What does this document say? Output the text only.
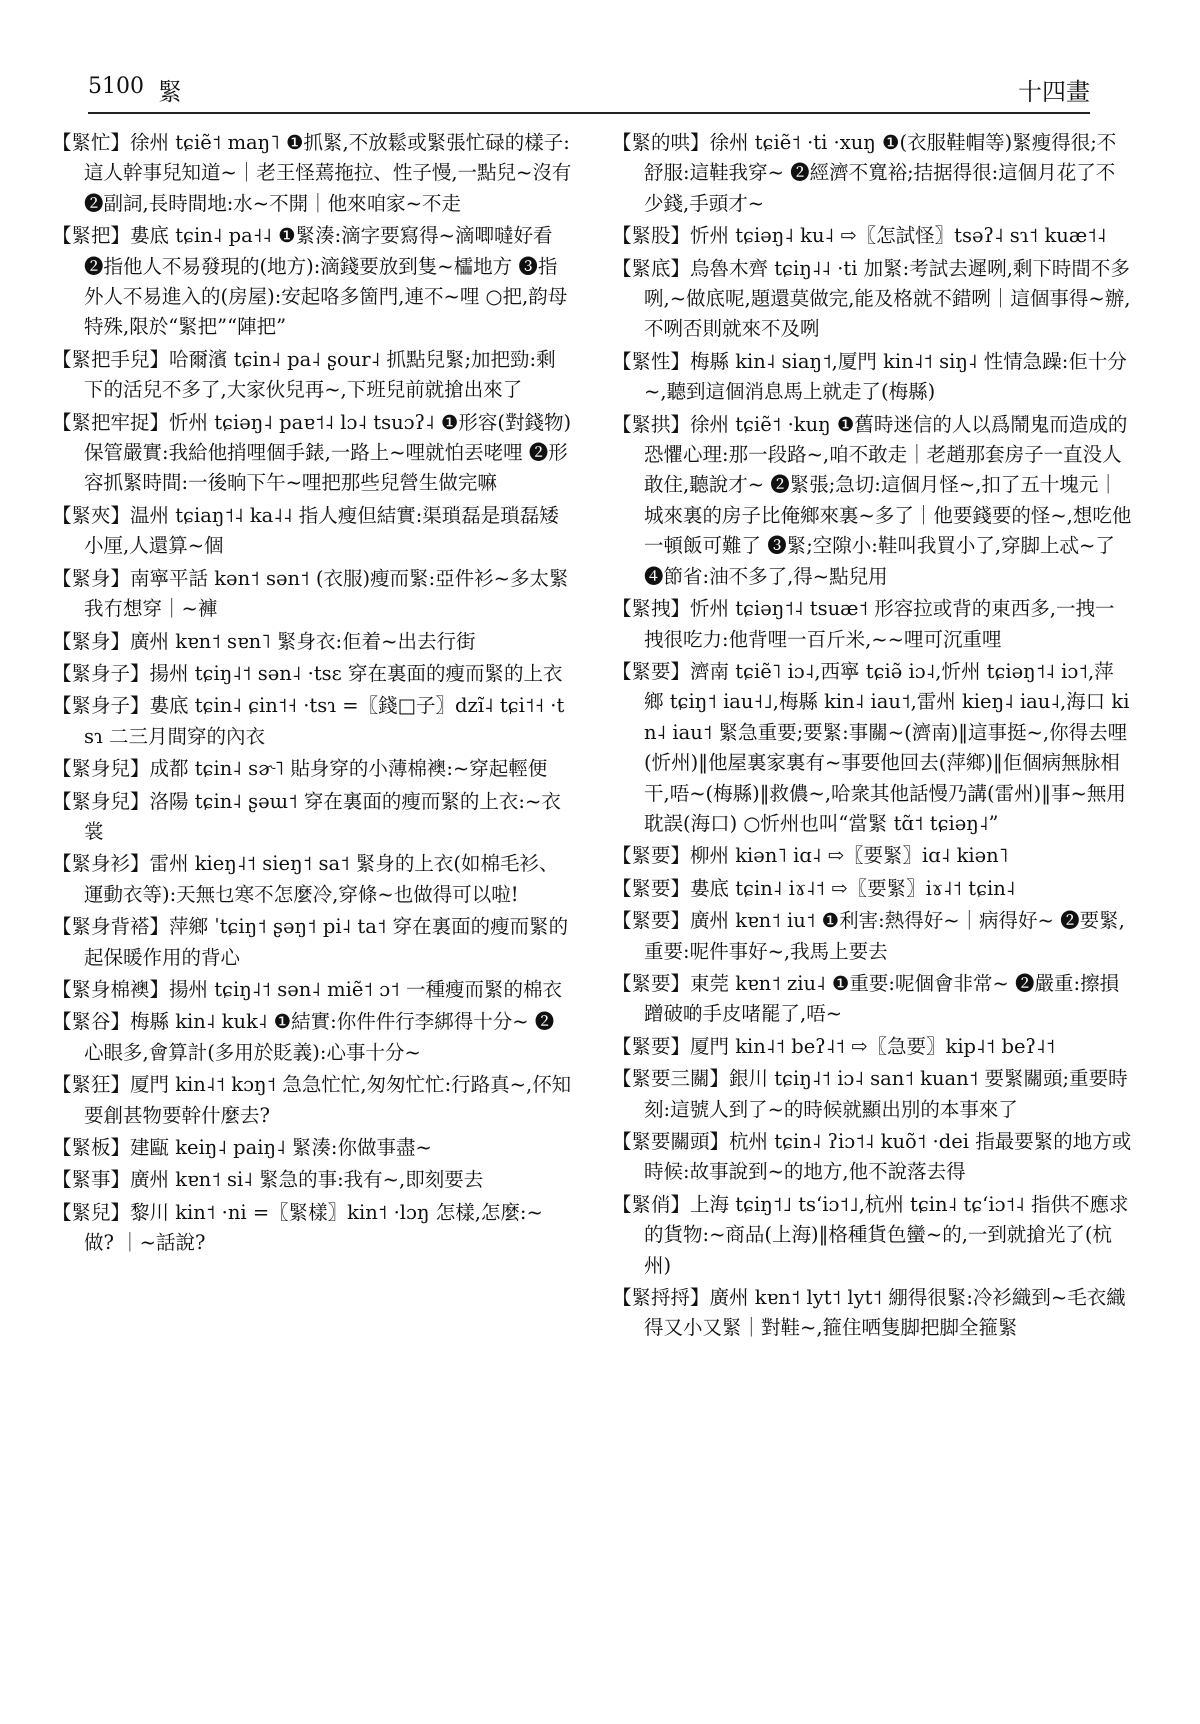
5100 緊	十四畫

【緊忙】徐州 tɕiẽ˦ maŋ˥ ❶抓緊,不放鬆或緊張忙碌的樣子:這人幹事兒知道~｜老王怪蔫拖拉、性子慢,一點兒~沒有 ❷副詞,長時間地:水~不開｜他來咱家~不走

【緊把】婁底 tɕin˨ pa˧˨ ❶緊湊:滴字要寫得~滴唧噠好看 ❷指他人不易發現的(地方):滴錢要放到隻~櫺地方 ❸指外人不易進入的(房屋):安起咯多箇門,連不~哩 ○把,韵母特殊,限於“緊把”“陣把”

【緊把手兒】哈爾濱 tɕin˨ pa˨ ʂour˨ 抓點兒緊;加把勁:剩下的活兒不多了,大家伙兒再~,下班兒前就搶出來了

【緊把牢捉】忻州 tɕiəŋ˨ paɐ˦˨ lɔ˨ tsuɔʔ˨ ❶形容(對錢物)保管嚴實:我給他捎哩個手錶,一路上~哩就怕丟咾哩 ❷形容抓緊時間:一後晌下午~哩把那些兒營生做完嘛

【緊夾】温州 tɕiaŋ˦˨ ka˨˨ 指人瘦但結實:渠瑣磊是瑣磊矮小厘,人還算~個

【緊身】南寧平話 kən˦ sən˦ (衣服)瘦而緊:亞件衫~多太緊我冇想穿｜~褲

【緊身】廣州 kɐn˦ sɐn˥ 緊身衣:佢着~出去行街

【緊身子】揚州 tɕiŋ˨˦ sən˨ ·tsɛ 穿在裏面的瘦而緊的上衣

【緊身子】婁底 tɕin˨ ɕin˦˧ ·tsɿ =〖錢□子〗dzĩ˨ tɕi˦˧ ·tsɿ 二三月間穿的內衣

【緊身兒】成都 tɕin˨ sɚ˥ 貼身穿的小薄棉襖:~穿起輕便

【緊身兒】洛陽 tɕin˨ ʂəɯ˦ 穿在裏面的瘦而緊的上衣:~衣裳

【緊身衫】雷州 kieŋ˨˦ sieŋ˦ sa˦ 緊身的上衣(如棉毛衫、運動衣等):天無乜寒不怎麼冷,穿條~也做得可以啦!

【緊身背褡】萍鄉 ˈtɕiŋ˦ ʂəŋ˦ pi˨ ta˦ 穿在裏面的瘦而緊的起保暖作用的背心

【緊身棉襖】揚州 tɕiŋ˨˦ sən˨ miẽ˦ ɔ˦ 一種瘦而緊的棉衣

【緊谷】梅縣 kin˨ kuk˨ ❶結實:你件件行李綁得十分~ ❷心眼多,會算計(多用於貶義):心事十分~

【緊狂】厦門 kin˨˦ kɔŋ˦ 急急忙忙,匆匆忙忙:行路真~,伓知要創甚物要幹什麼去?

【緊板】建甌 keiŋ˨ paiŋ˨ 緊湊:你做事盡~

【緊事】廣州 kɐn˦ si˨ 緊急的事:我有~,即刻要去

【緊兒】黎川 kin˦ ·ni =〖緊樣〗kin˦ ·lɔŋ 怎樣,怎麼:~做? ｜~話說?

【緊的哄】徐州 tɕiẽ˦ ·ti ·xuŋ ❶(衣服鞋帽等)緊瘦得很;不舒服:這鞋我穿~ ❷經濟不寬裕;拮据得很:這個月花了不少錢,手頭才~

【緊股】忻州 tɕiəŋ˨ ku˨ ⇨〖怎試怪〗tsəʔ˨ sɿ˦ kuæ˦˨

【緊底】烏魯木齊 tɕiŋ˨˨ ·ti 加緊:考試去遲咧,剩下時間不多咧,~做底呢,題還莫做完,能及格就不錯咧｜這個事得~辦,不咧否則就來不及咧

【緊性】梅縣 kin˨ siaŋ˦,厦門 kin˨˦ siŋ˨ 性情急躁:佢十分~,聽到這個消息馬上就走了(梅縣)

【緊拱】徐州 tɕiẽ˦ ·kuŋ ❶舊時迷信的人以爲鬧鬼而造成的恐懼心理:那一段路~,咱不敢走｜老趙那套房子一直没人敢住,聽說才~ ❷緊張;急切:這個月怪~,扣了五十塊元｜城來裏的房子比俺鄉來裏~多了｜他要錢要的怪~,想吃他一頓飯可難了 ❸緊;空隙小:鞋叫我買小了,穿脚上忒~了 ❹節省:油不多了,得~點兒用

【緊拽】忻州 tɕiəŋ˦˨ tsuæ˦ 形容拉或背的東西多,一拽一拽很吃力:他背哩一百斤米,~~哩可沉重哩

【緊要】濟南 tɕiẽ˥ iɔ˨,西寧 tɕiə̃ iɔ˨,忻州 tɕiəŋ˦˨ iɔ˦,萍鄉 tɕiŋ˦ iau˧˩,梅縣 kin˨ iau˦,雷州 kieŋ˨ iau˨,海口 kin˨ iau˦ 緊急重要;要緊:事關~(濟南)‖這事挺~,你得去哩(忻州)‖他屋裏家裏有~事要他回去(萍鄉)‖佢個病無脉相干,唔~(梅縣)‖救儂~,哈衆其他話慢乃講(雷州)‖事~無用耽誤(海口) ○忻州也叫“當緊 tɑ̃˦ tɕiəŋ˨”

【緊要】柳州 kiən˥ iɑ˨ ⇨〖要緊〗iɑ˨ kiən˥

【緊要】婁底 tɕin˨ iɤ˨˦ ⇨〖要緊〗iɤ˨˦ tɕin˨

【緊要】廣州 kɐn˦ iu˦ ❶利害:熱得好~｜病得好~ ❷要緊,重要:呢件事好~,我馬上要去

【緊要】東莞 kɐn˦ ziu˨ ❶重要:呢個會非常~ ❷嚴重:擦損蹭破啲手皮啫罷了,唔~

【緊要】厦門 kin˨˦ beʔ˨˦ ⇨〖急要〗kip˨˦ beʔ˨˦

【緊要三關】銀川 tɕiŋ˨˦ iɔ˨ san˦ kuan˦ 要緊關頭;重要時刻:這號人到了~的時候就顯出別的本事來了

【緊要關頭】杭州 tɕin˨ ʔiɔ˦˨ kuõ˦ ·dei 指最要緊的地方或時候:故事說到~的地方,他不說落去得

【緊俏】上海 tɕiŋ˦˩ tsʻiɔ˦˩,杭州 tɕin˨ tɕʻiɔ˦˨ 指供不應求的貨物:~商品(上海)‖格種貨色蠻~的,一到就搶光了(杭州)

【緊捋捋】廣州 kɐn˦ lyt˦ lyt˦ 綳得很緊:冷衫織到~毛衣織得又小又緊｜對鞋~,箍住哂隻脚把脚全箍緊
